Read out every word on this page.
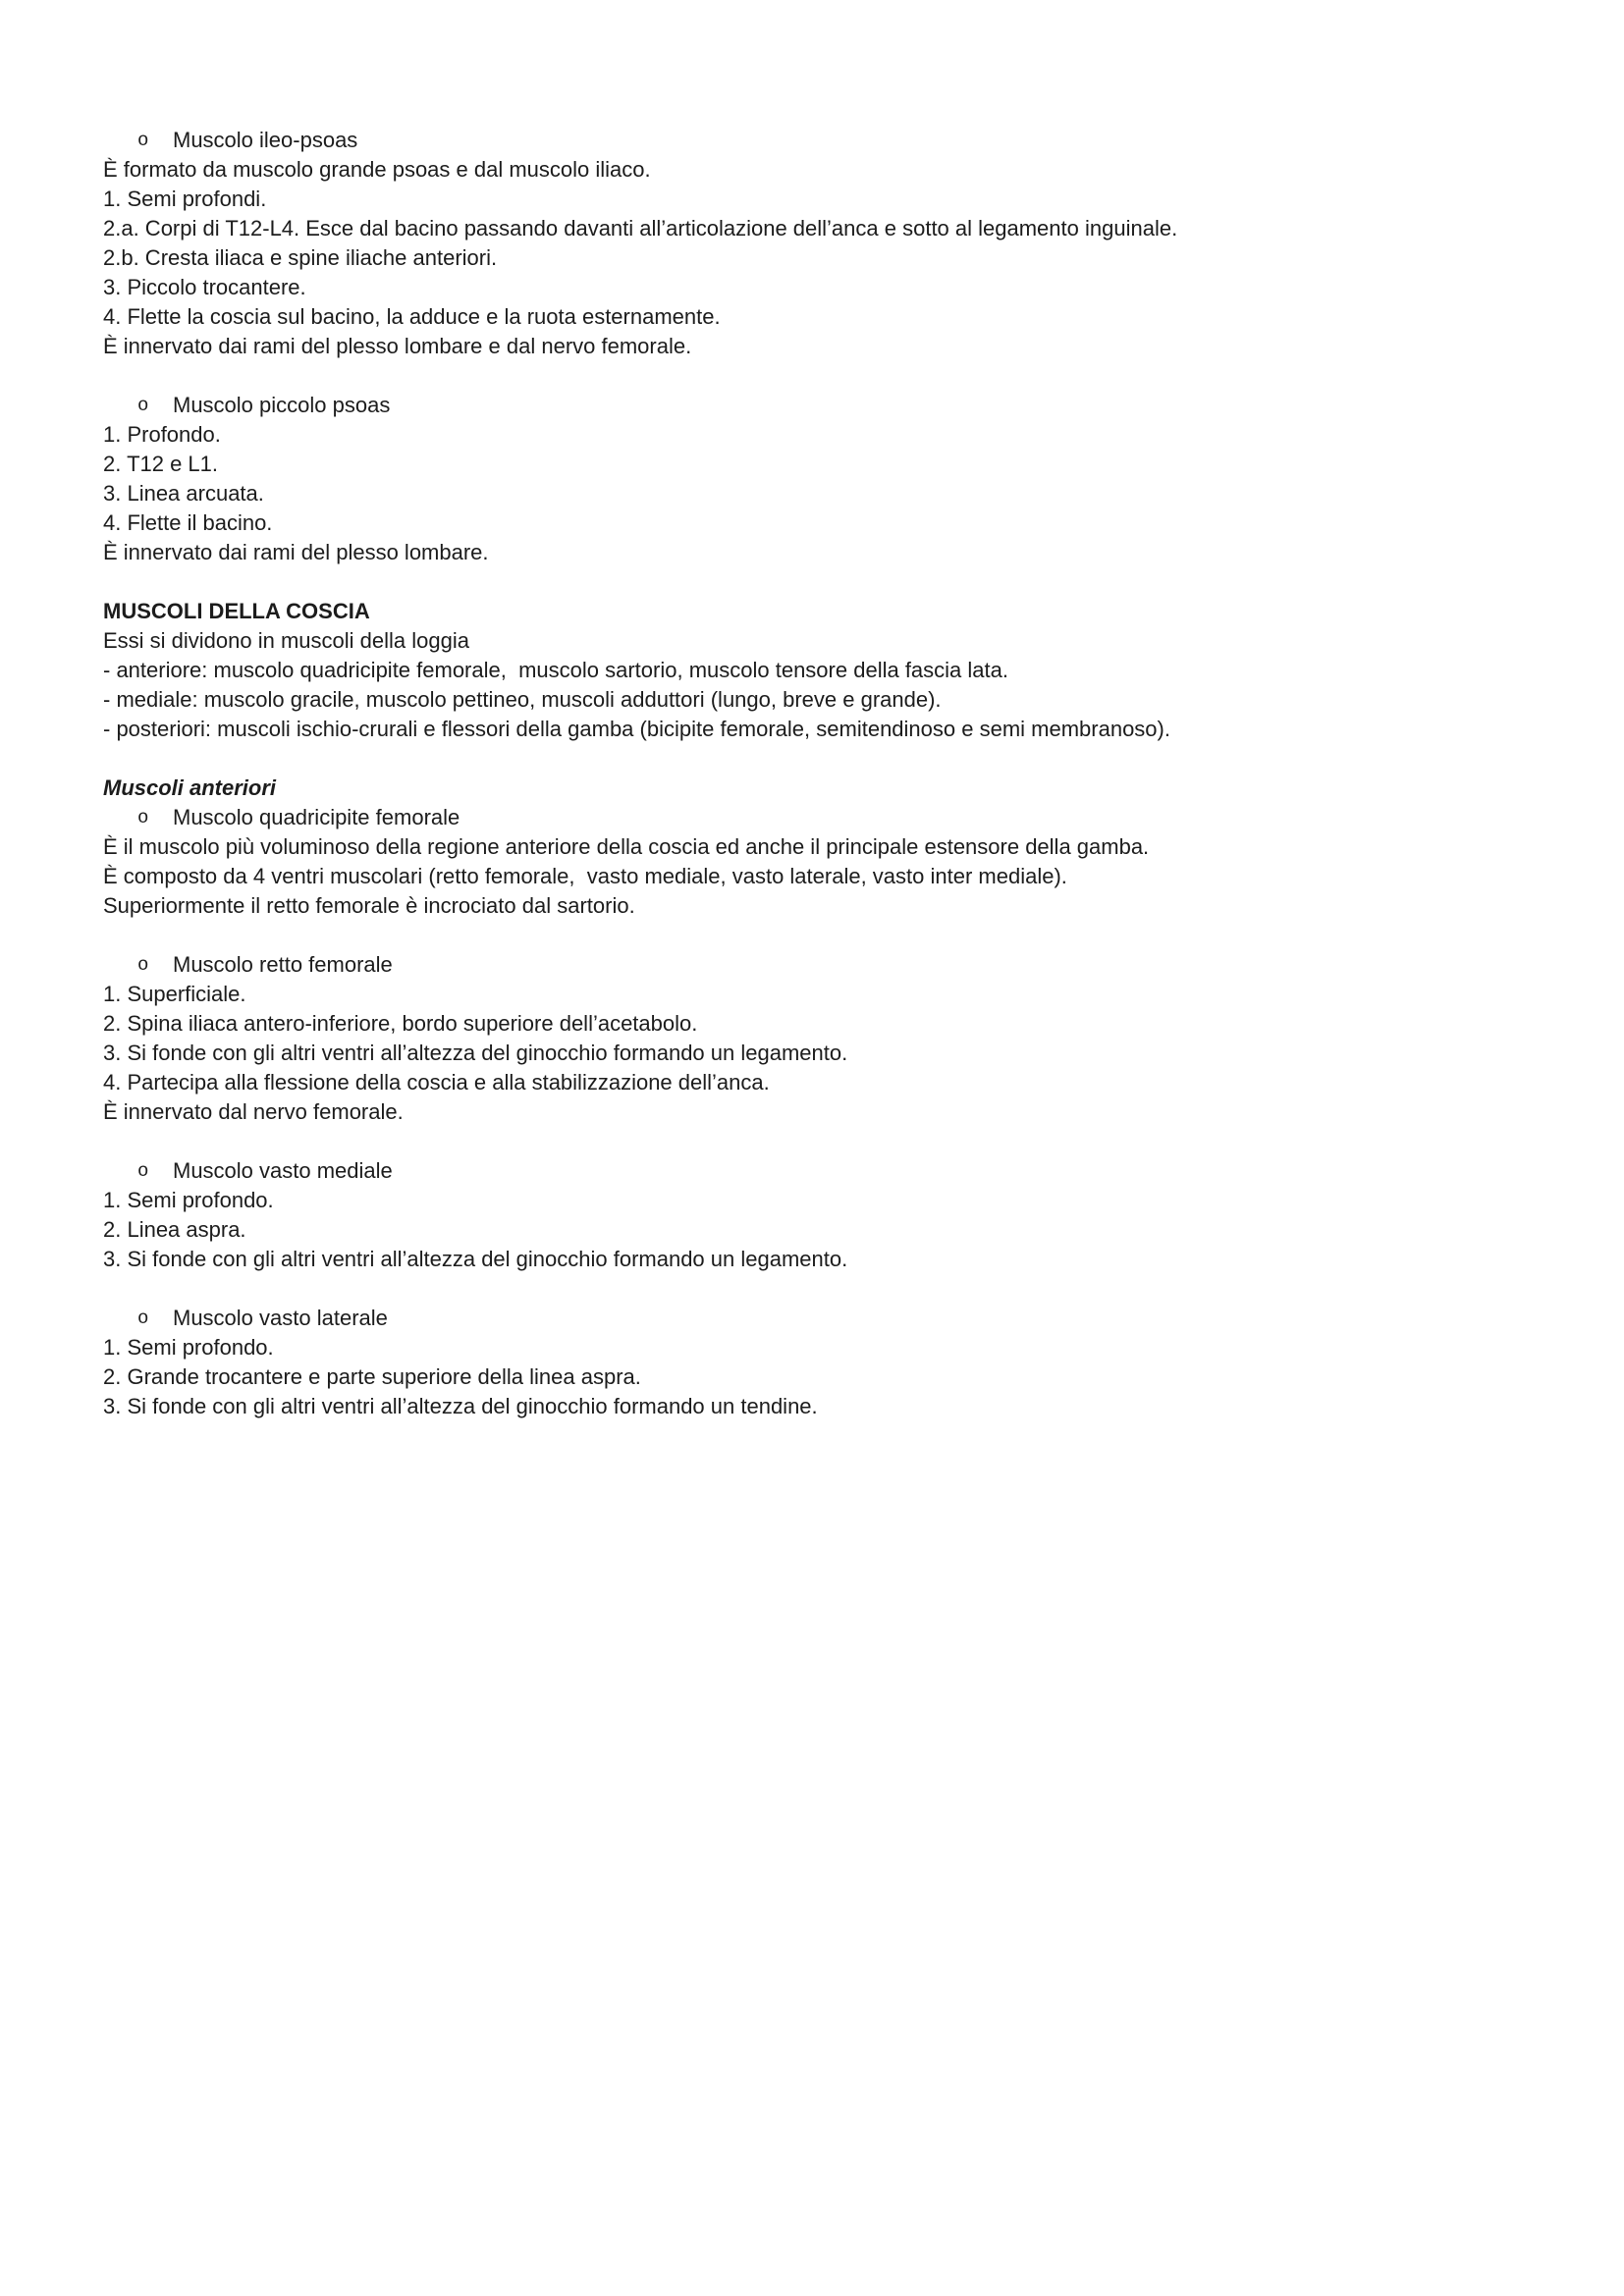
o	Muscolo ileo-psoas
È formato da muscolo grande psoas e dal muscolo iliaco.
1. Semi profondi.
2.a. Corpi di T12-L4. Esce dal bacino passando davanti all’articolazione dell’anca e sotto al legamento inguinale.
2.b. Cresta iliaca e spine iliache anteriori.
3. Piccolo trocantere.
4. Flette la coscia sul bacino, la adduce e la ruota esternamente.
È innervato dai rami del plesso lombare e dal nervo femorale.
o	Muscolo piccolo psoas
1. Profondo.
2. T12 e L1.
3. Linea arcuata.
4. Flette il bacino.
È innervato dai rami del plesso lombare.
MUSCOLI DELLA COSCIA
Essi si dividono in muscoli della loggia
- anteriore: muscolo quadricipite femorale,  muscolo sartorio, muscolo tensore della fascia lata.
- mediale: muscolo gracile, muscolo pettineo, muscoli adduttori (lungo, breve e grande).
- posteriori: muscoli ischio-crurali e flessori della gamba (bicipite femorale, semitendinoso e semi membranoso).
Muscoli anteriori
o	Muscolo quadricipite femorale
È il muscolo più voluminoso della regione anteriore della coscia ed anche il principale estensore della gamba.
È composto da 4 ventri muscolari (retto femorale,  vasto mediale, vasto laterale, vasto inter mediale).
Superiormente il retto femorale è incrociato dal sartorio.
o	Muscolo retto femorale
1. Superficiale.
2. Spina iliaca antero-inferiore, bordo superiore dell’acetabolo.
3. Si fonde con gli altri ventri all’altezza del ginocchio formando un legamento.
4. Partecipa alla flessione della coscia e alla stabilizzazione dell’anca.
È innervato dal nervo femorale.
o	Muscolo vasto mediale
1. Semi profondo.
2. Linea aspra.
3. Si fonde con gli altri ventri all’altezza del ginocchio formando un legamento.
o	Muscolo vasto laterale
1. Semi profondo.
2. Grande trocantere e parte superiore della linea aspra.
3. Si fonde con gli altri ventri all’altezza del ginocchio formando un tendine.
